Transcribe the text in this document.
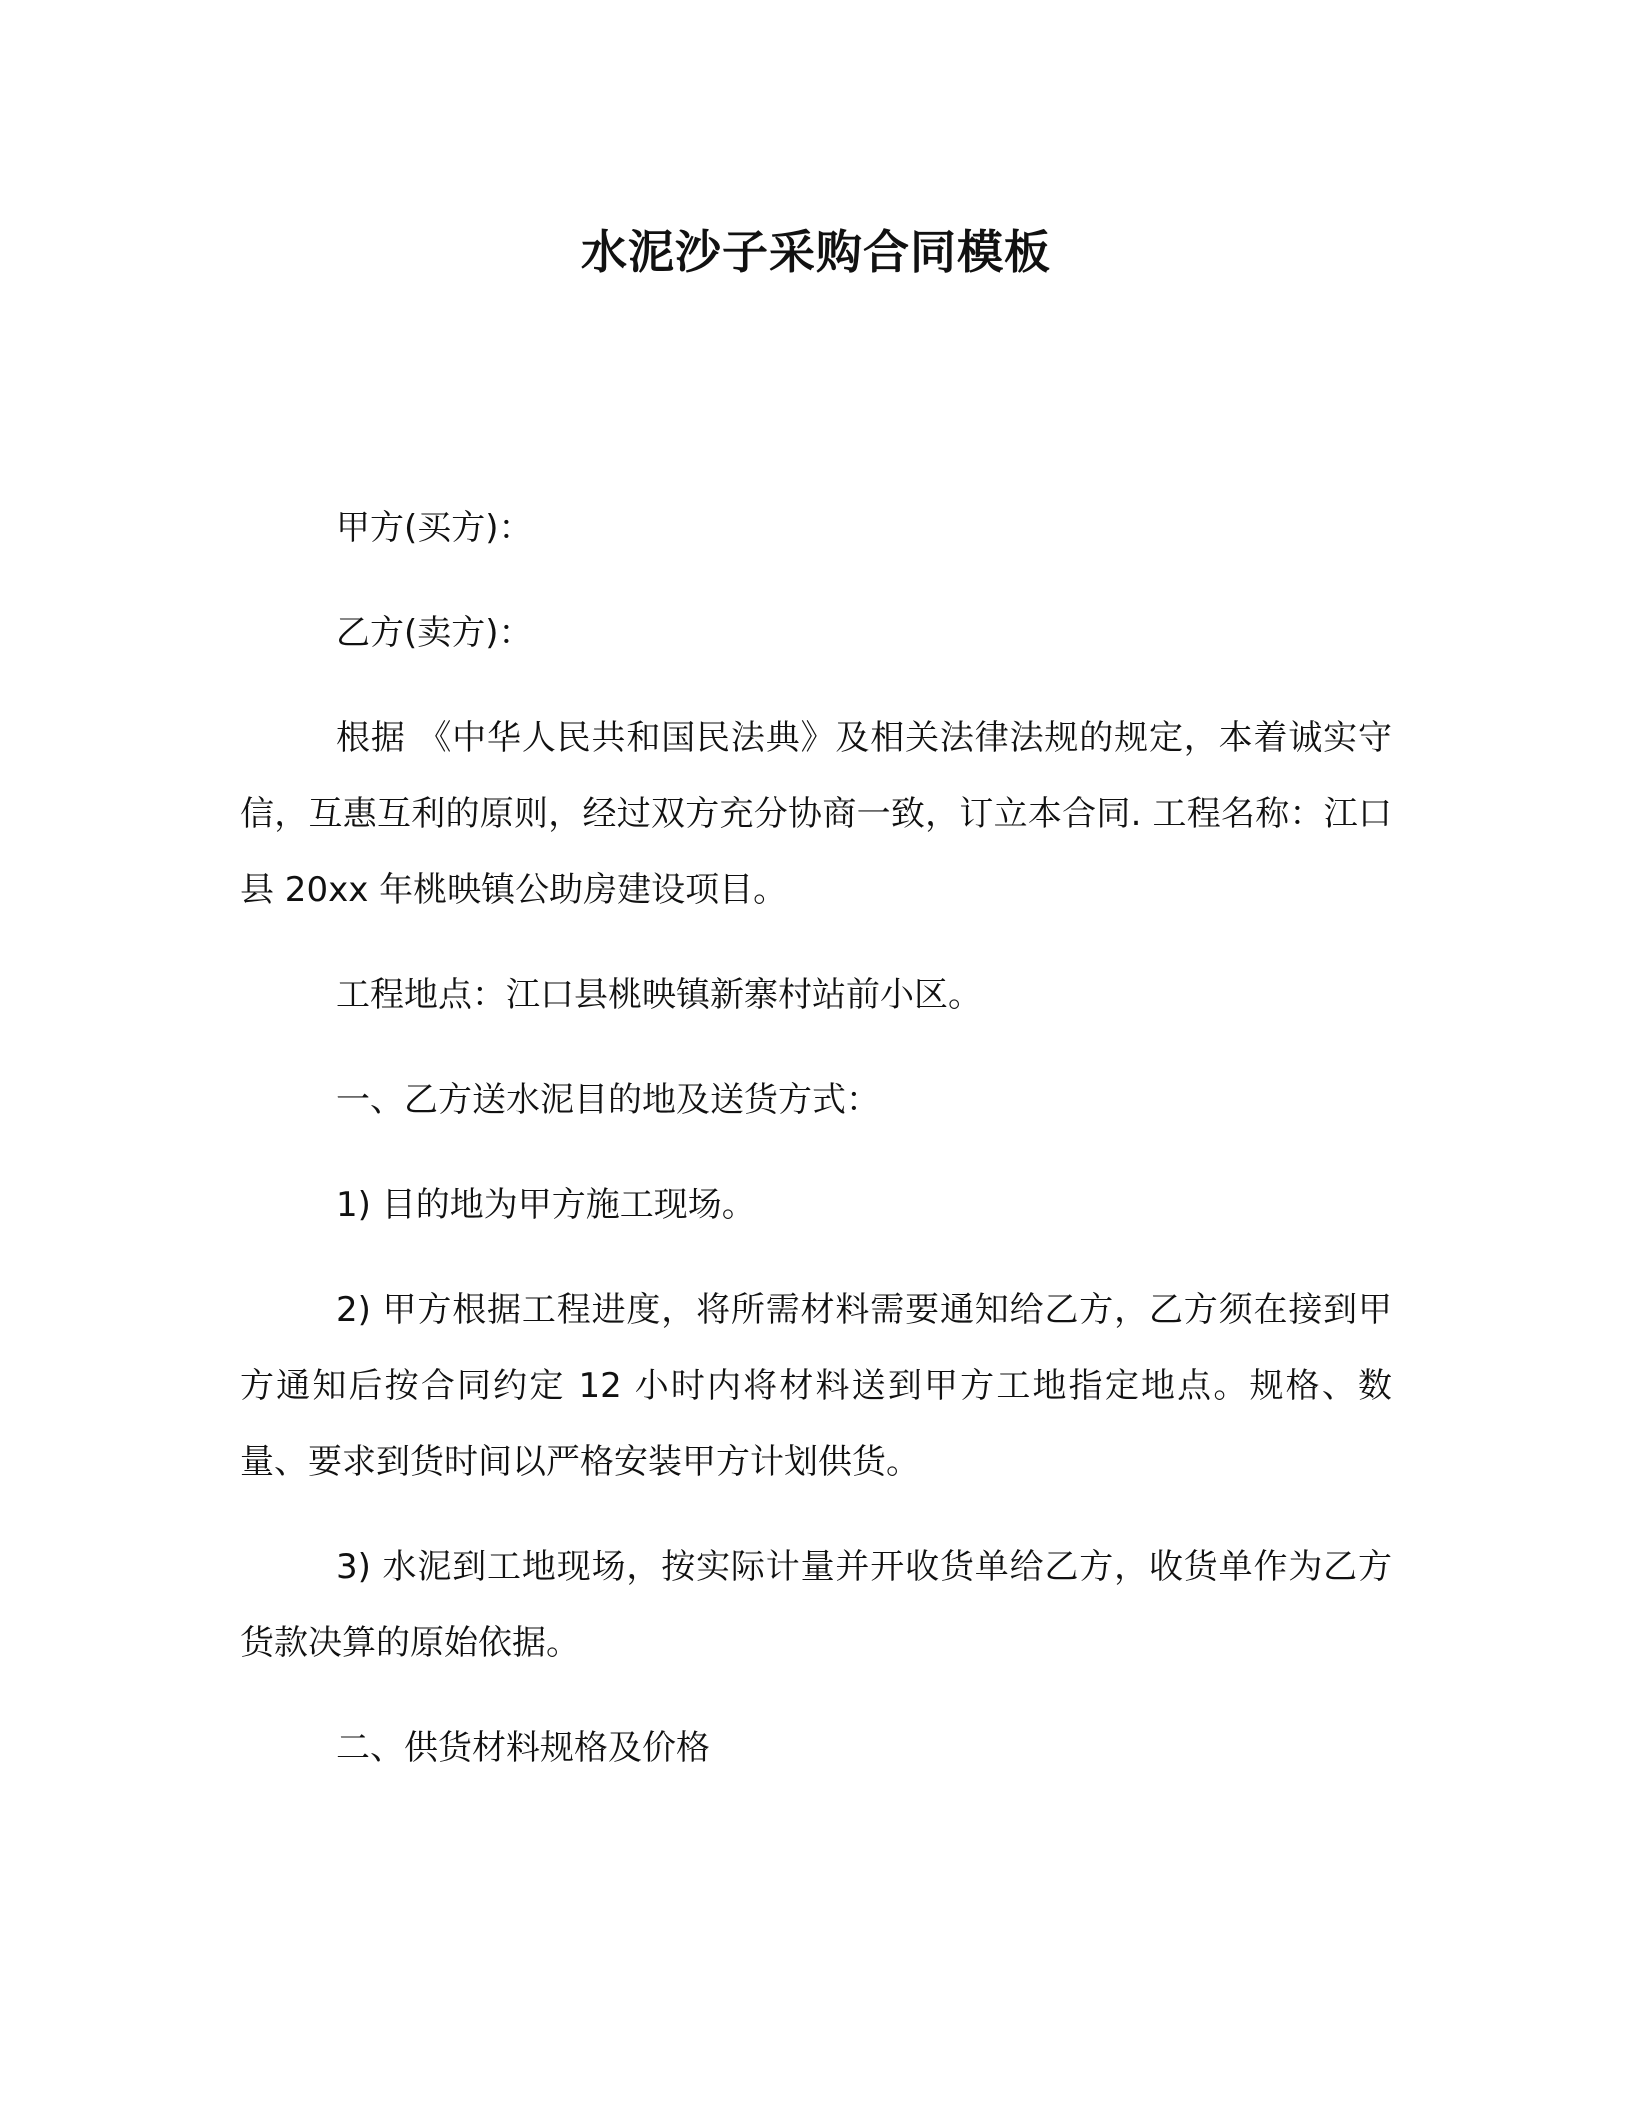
水泥沙子采购合同模板

甲方(买方)：

乙方(卖方)：

根据 《中华人民共和国民法典》及相关法律法规的规定，本着诚实守信，互惠互利的原则，经过双方充分协商一致，订立本合同. 工程名称：江口县 20xx 年桃映镇公助房建设项目。

工程地点：江口县桃映镇新寨村站前小区。

一、乙方送水泥目的地及送货方式：

1) 目的地为甲方施工现场。

2) 甲方根据工程进度，将所需材料需要通知给乙方，乙方须在接到甲方通知后按合同约定 12 小时内将材料送到甲方工地指定地点。规格、数量、要求到货时间以严格安装甲方计划供货。

3) 水泥到工地现场，按实际计量并开收货单给乙方，收货单作为乙方货款决算的原始依据。

二、供货材料规格及价格
